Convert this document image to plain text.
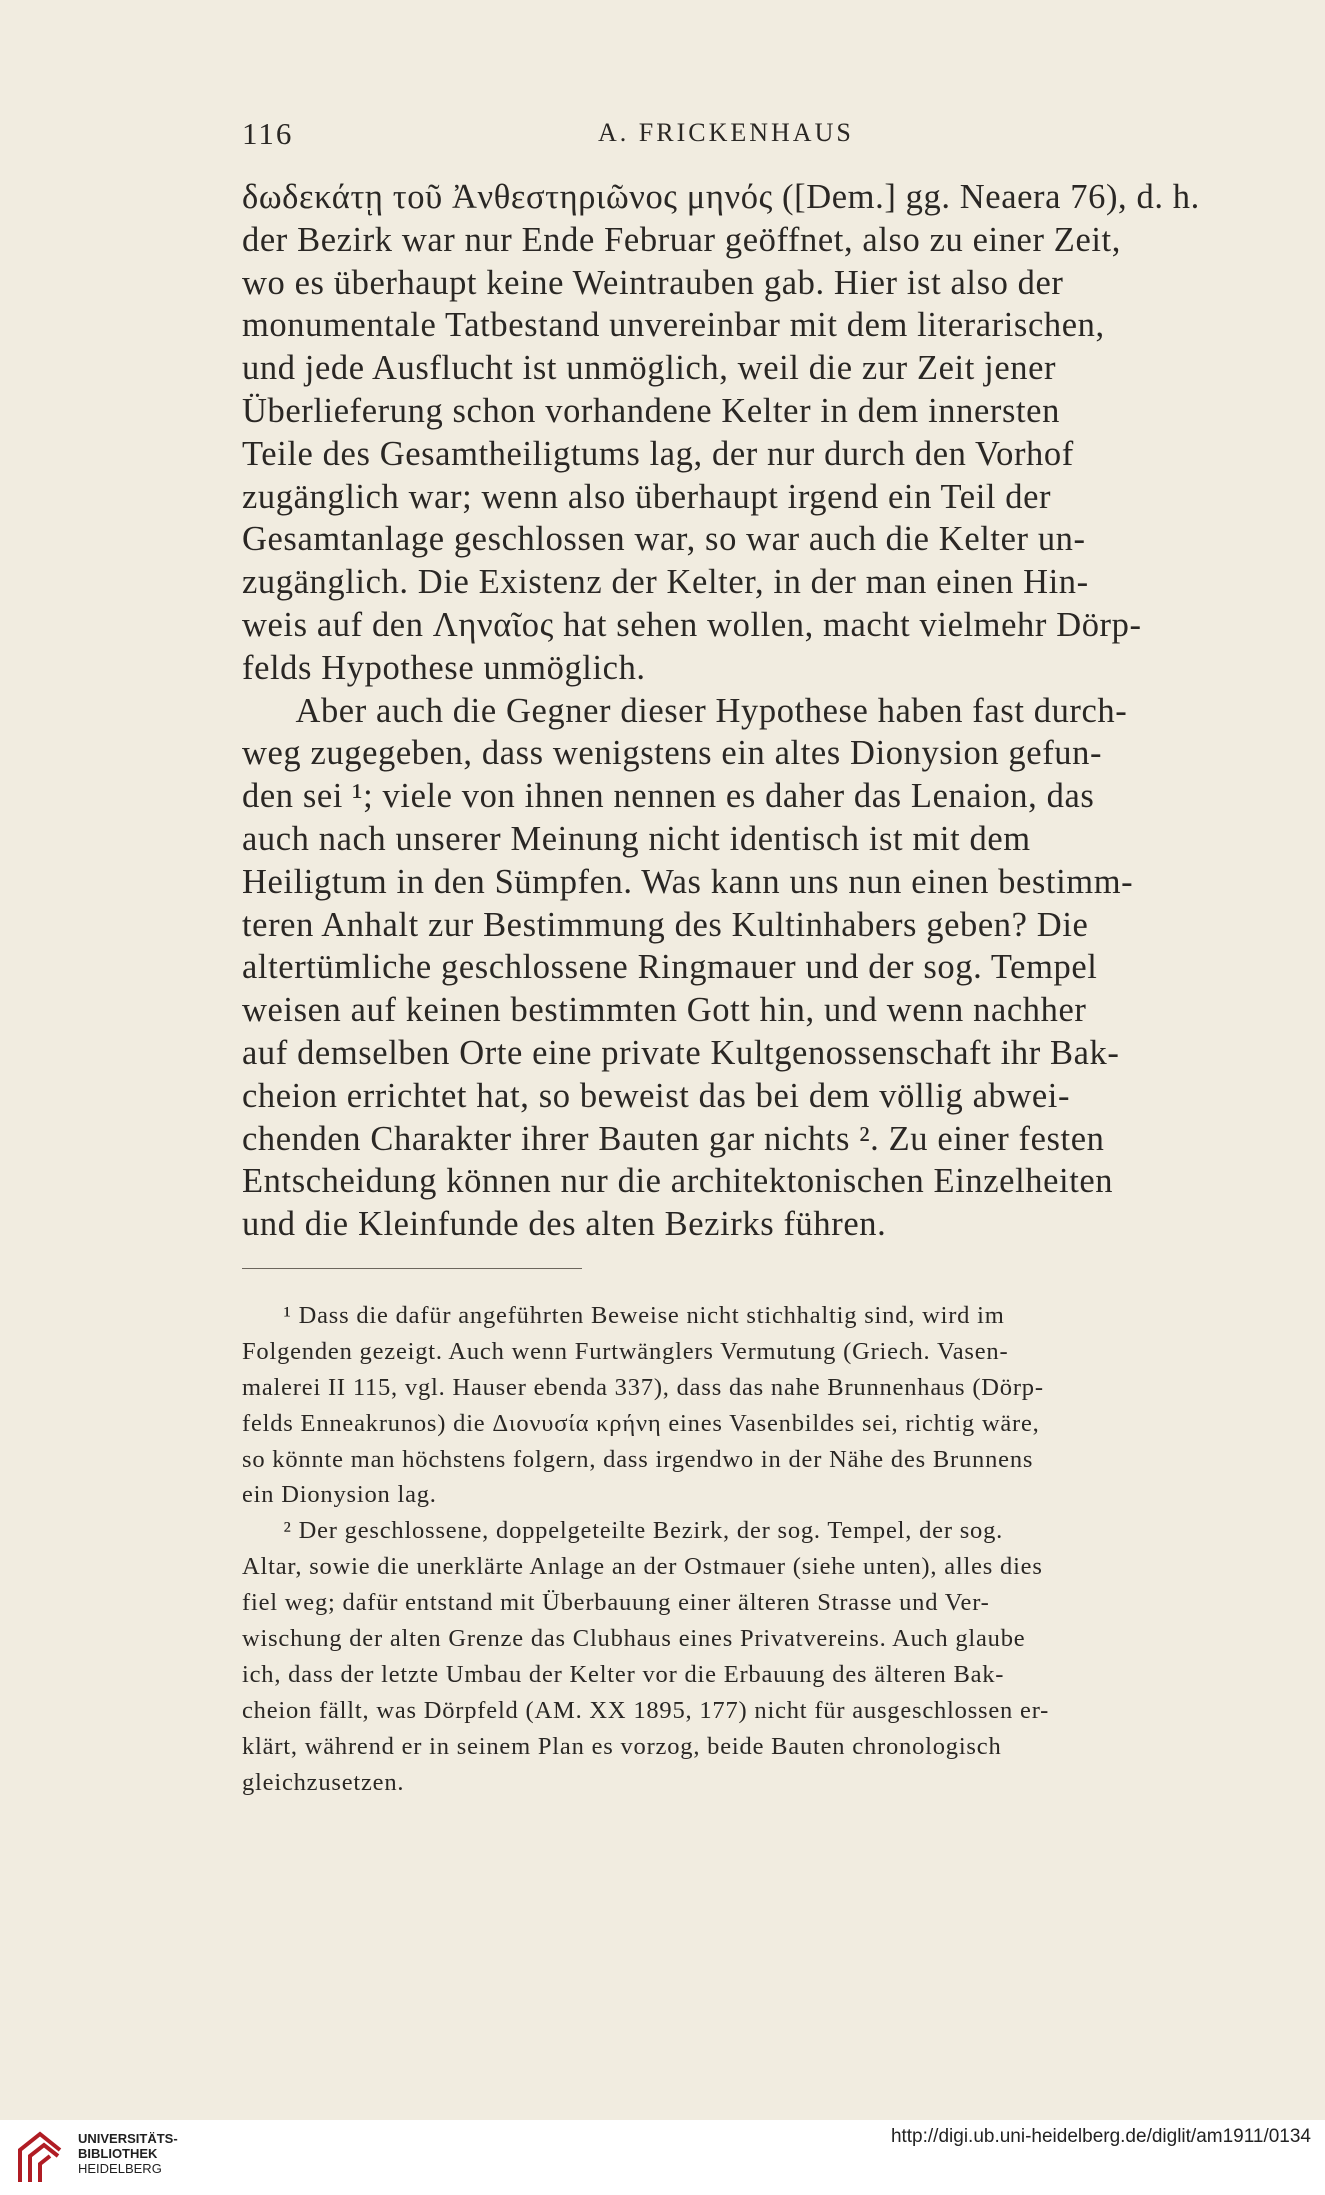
116	A. FRICKENHAUS
δωδεκάτῃ τοῦ Ἀνθεστηριῶνος μηνός ([Dem.] gg. Neaera 76), d. h.
der Bezirk war nur Ende Februar geöffnet, also zu einer Zeit,
wo es überhaupt keine Weintrauben gab. Hier ist also der
monumentale Tatbestand unvereinbar mit dem literarischen,
und jede Ausflucht ist unmöglich, weil die zur Zeit jener
Überlieferung schon vorhandene Kelter in dem innersten
Teile des Gesamtheiligtums lag, der nur durch den Vorhof
zugänglich war; wenn also überhaupt irgend ein Teil der
Gesamtanlage geschlossen war, so war auch die Kelter un-
zugänglich. Die Existenz der Kelter, in der man einen Hin-
weis auf den Ληναῖος hat sehen wollen, macht vielmehr Dörp-
felds Hypothese unmöglich.
Aber auch die Gegner dieser Hypothese haben fast durch-
weg zugegeben, dass wenigstens ein altes Dionysion gefun-
den sei ¹; viele von ihnen nennen es daher das Lenaion, das
auch nach unserer Meinung nicht identisch ist mit dem
Heiligtum in den Sümpfen. Was kann uns nun einen bestimm-
teren Anhalt zur Bestimmung des Kultinhabers geben? Die
altertümliche geschlossene Ringmauer und der sog. Tempel
weisen auf keinen bestimmten Gott hin, und wenn nachher
auf demselben Orte eine private Kultgenossenschaft ihr Bak-
cheion errichtet hat, so beweist das bei dem völlig abwei-
chenden Charakter ihrer Bauten gar nichts ². Zu einer festen
Entscheidung können nur die architektonischen Einzelheiten
und die Kleinfunde des alten Bezirks führen.
¹ Dass die dafür angeführten Beweise nicht stichhaltig sind, wird im
Folgenden gezeigt. Auch wenn Furtwänglers Vermutung (Griech. Vasen-
malerei II 115, vgl. Hauser ebenda 337), dass das nahe Brunnenhaus (Dörp-
felds Enneakrunos) die Διονυσία κρήνη eines Vasenbildes sei, richtig wäre,
so könnte man höchstens folgern, dass irgendwo in der Nähe des Brunnens
ein Dionysion lag.
² Der geschlossene, doppelgeteilte Bezirk, der sog. Tempel, der sog.
Altar, sowie die unerklärte Anlage an der Ostmauer (siehe unten), alles dies
fiel weg; dafür entstand mit Überbauung einer älteren Strasse und Ver-
wischung der alten Grenze das Clubhaus eines Privatvereins. Auch glaube
ich, dass der letzte Umbau der Kelter vor die Erbauung des älteren Bak-
cheion fällt, was Dörpfeld (AM. XX 1895, 177) nicht für ausgeschlossen er-
klärt, während er in seinem Plan es vorzog, beide Bauten chronologisch
gleichzusetzen.
UNIVERSITÄTS-
BIBLIOTHEK
HEIDELBERG
http://digi.ub.uni-heidelberg.de/diglit/am1911/0134
